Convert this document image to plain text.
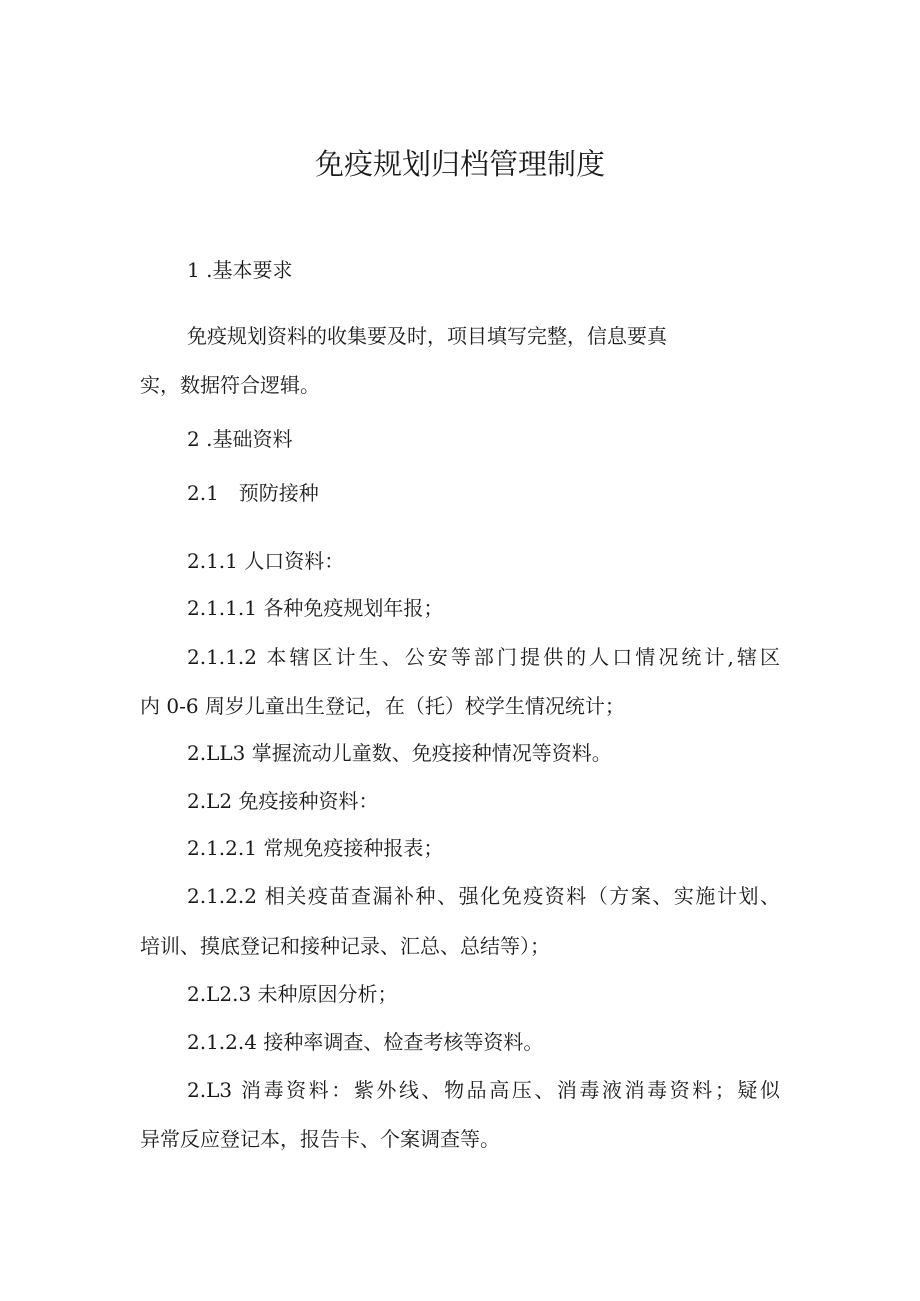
免疫规划归档管理制度

1 .基本要求

免疫规划资料的收集要及时，项目填写完整，信息要真

实，数据符合逻辑。

2 .基础资料

2.1　预防接种

2.1.1 人口资料：

2.1.1.1 各种免疫规划年报；

2.1.1.2 本辖区计生、公安等部门提供的人口情况统计,辖区

内 0-6 周岁儿童出生登记，在（托）校学生情况统计；

2.LL3 掌握流动儿童数、免疫接种情况等资料。

2.L2 免疫接种资料：

2.1.2.1 常规免疫接种报表；

2.1.2.2 相关疫苗查漏补种、强化免疫资料（方案、实施计划、

培训、摸底登记和接种记录、汇总、总结等）；

2.L2.3 未种原因分析；

2.1.2.4 接种率调查、检查考核等资料。

2.L3 消毒资料：紫外线、物品高压、消毒液消毒资料；疑似

异常反应登记本，报告卡、个案调查等。
